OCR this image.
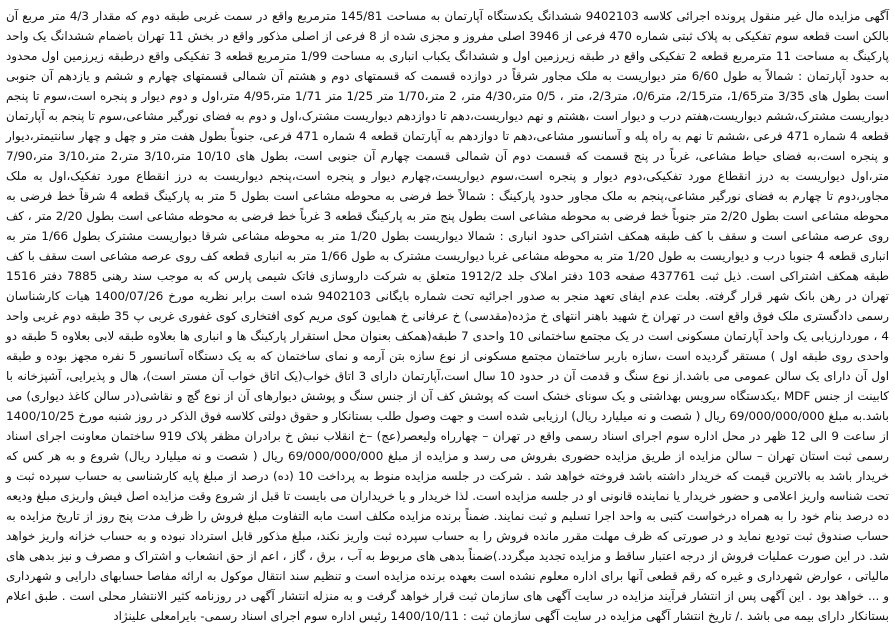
آگهی مزایده مال غیر منقول پرونده اجرائی کلاسه 9402103 ششدانگ یکدستگاه آپارتمان به مساحت 145/81 مترمربع واقع در سمت غربی طبقه دوم که مقدار 4/3 متر مربع آن بالکن است قطعه سوم تفکیکی به پلاک ثبتی شماره 470 فرعی از 3946 اصلی مفروز و مجزی شده از 8 فرعی از اصلی مذکور واقع در بخش 11 تهران باضمام ششدانگ یک واحد پارکینگ به مساحت 11 مترمربع قطعه 2 تفکیکی واقع در طبقه زیرزمین اول و ششدانگ یکباب انباری به مساحت 1/99 مترمربع قطعه 3 تفکیکی واقع درطبقه زیرزمین اول محدود به حدود آپارتمان : شمالاً به طول 6/60 متر دیواریست به ملک مجاور شرقاً در دوازده قسمت که قسمتهای دوم و هشتم آن شمالی قسمتهای چهارم و ششم و یازدهم آن جنوبی است بطول های 3/35 متر1/65، متر2/15، متر0/6، متر2/3، متر ، 0/5 متر،4/30 متر، 2 متر،1/70 متر 1/25 متر 1/71 متر،4/95 متر،اول و دوم دیوار و پنجره است،سوم تا پنجم دیواریست مشترک،ششم دیواریست،هفتم درب و دیوار است ،هشتم و نهم دیواریست،دهم تا دوازدهم دیواریست مشترک،اول و دوم به فضای نورگیر مشاعی،سوم تا پنجم به آپارتمان قطعه 4 شماره 471 فرعی ،ششم تا نهم به راه پله و آسانسور مشاعی،دهم تا دوازدهم به آپارتمان قطعه 4 شماره 471 فرعی، جنوباً بطول هفت متر و چهل و چهار سانتیمتر،دیوار و پنجره است،به فضای حیاط مشاعی، غرباً در پنج قسمت که قسمت دوم آن شمالی قسمت چهارم آن جنوبی است، بطول های 10/10 متر،3/10 متر،2 متر،3/10 متر،7/90 متر،اول دیواریست به درز انقطاع مورد تفکیکی،دوم دیوار و پنجره است،سوم دیواریست،چهارم دیوار و پنجره است،پنجم دیواریست به درز انقطاع مورد تفکیک،اول به ملک مجاور،دوم تا چهارم به فضای نورگیر مشاعی،پنجم به ملک مجاور حدود پارکینگ : شمالاً خط فرضی به محوطه مشاعی است بطول 5 متر به پارکینگ قطعه 4 شرقاً خط فرضی به محوطه مشاعی است بطول 2/20 متر جنوباً خط فرضی به محوطه مشاعی است بطول پنج متر به پارکینگ قطعه 3 غرباً خط فرضی به محوطه مشاعی است بطول 2/20 متر ، کف روی عرصه مشاعی است و سقف با کف طبقه همکف اشتراکی حدود انباری : شمالا دیواریست بطول 1/20 متر به محوطه مشاعی شرقا دیواریست مشترک بطول 1/66 متر به انباری قطعه 4 جنوبا درب و دیواریست به طول 1/20 متر به محوطه مشاعی غربا دیواریست مشترک به طول 1/66 متر به انباری قطعه کف روی عرصه مشاعی است سقف با کف طبقه همکف اشتراکی است. ذیل ثبت 437761 صفحه 103 دفتر املاک جلد 1912/2 متعلق به شرکت داروسازی فاتک شیمی پارس که به موجب سند رهنی 7885 دفتر 1516 تهران در رهن بانک شهر قرار گرفته. بعلت عدم ایفای تعهد منجر به صدور اجرائیه تحت شماره بایگانی 9402103 شده است برابر نظریه مورخ 1400/07/26 هیات کارشناسان رسمی دادگستری ملک فوق واقع است در تهران خ شهید باهنر انتهای خ مژده(مقدسی) خ عرفانی خ همایون کوی مریم کوی افتخاری کوی غفوری غربی پ 35 طبقه دوم غربی واحد 4 ، موردارزیابی یک واحد آپارتمان مسکونی است در یک مجتمع ساختمانی 10 واحدی 7 طبقه(همکف بعنوان محل استقرار پارکینگ ها و انباری ها بعلاوه طبقه لابی بعلاوه 5 طبقه دو واحدی روی طبقه اول ) مستقر گردیده است ،سازه باربر ساختمان مجتمع مسکونی از نوع سازه بتن آرمه و نمای ساختمان که به یک دستگاه آسانسور 5 نفره مجهز بوده و طبقه اول آن دارای یک سالن عمومی می باشد.از نوع سنگ و قدمت آن در حدود 10 سال است،آپارتمان دارای 3 اتاق خواب(یک اتاق خواب آن مستر است)، هال و پذیرایی، آشپزخانه با کابینت از جنس MDF ،یکدستگاه سرویس بهداشتی و یک سونای خشک است که پوشش کف آن از جنس سنگ و پوشش دیوارهای آن از نوع گچ و نقاشی(در سالن کاغذ دیواری) می باشد.به مبلغ 69/000/000/000 ریال ( شصت و نه میلیارد ریال) ارزیابی شده است و جهت وصول طلب بستانکار و حقوق دولتی کلاسه فوق الذکر در روز شنبه مورخ 1400/10/25 از ساعت 9 الی 12 ظهر در محل اداره سوم اجرای اسناد رسمی واقع در تهران – چهارراه ولیعصر(عج) –خ انقلاب نبش خ برادران مظفر پلاک 919 ساختمان معاونت اجرای اسناد رسمی ثبت استان تهران – سالن مزایده از طریق مزایده حضوری بفروش می رسد و مزایده از مبلغ 69/000/000/000 ریال ( شصت و نه میلیارد ریال) شروع و به هر کس که خریدار باشد به بالاترین قیمت که خریدار داشته باشد فروخته خواهد شد . شرکت در جلسه مزایده منوط به پرداخت 10 (ده) درصد از مبلغ پایه کارشناسی به حساب سپرده ثبت و تحت شناسه واریز اعلامی و حضور خریدار یا نماینده قانونی او در جلسه مزایده است. لذا خریدار و یا خریداران می بایست تا قبل از شروع وقت مزایده اصل فیش واریزی مبلغ ودیعه ده درصد بنام خود را به همراه درخواست کتبی به واحد اجرا تسلیم و ثبت نمایند. ضمناً برنده مزایده مکلف است مابه التفاوت مبلغ فروش را ظرف مدت پنج روز از تاریخ مزایده به حساب صندوق ثبت تودیع نماید و در صورتی که ظرف مهلت مقرر مانده فروش را به حساب سپرده ثبت واریز نکند، مبلغ مذکور قابل استرداد نبوده و به حساب خزانه واریز خواهد شد. در این صورت عملیات فروش از درجه اعتبار ساقط و مزایده تجدید میگردد.)ضمناً بدهی های مربوط به آب ، برق ، گاز ، اعم از حق انشعاب و اشتراک و مصرف و نیز بدهی های مالیاتی ، عوارض شهرداری و غیره که رقم قطعی آنها برای اداره معلوم نشده است بعهده برنده مزایده است و تنظیم سند انتقال موکول به ارائه مفاصا حسابهای دارایی و شهرداری و ... خواهد بود . این آگهی پس از انتشار فرآیند مزایده در سایت آگهی های سازمان ثبت قرار خواهد گرفت و به منزله انتشار آگهی در روزنامه کثیر الانتشار محلی است . طبق اعلام بستانکار دارای بیمه می باشد ./ تاریخ انتشار آگهی مزایده در سایت آگهی سازمان ثبت : 1400/10/11 رئیس اداره سوم اجرای اسناد رسمی- بایرامعلی علینژاد
